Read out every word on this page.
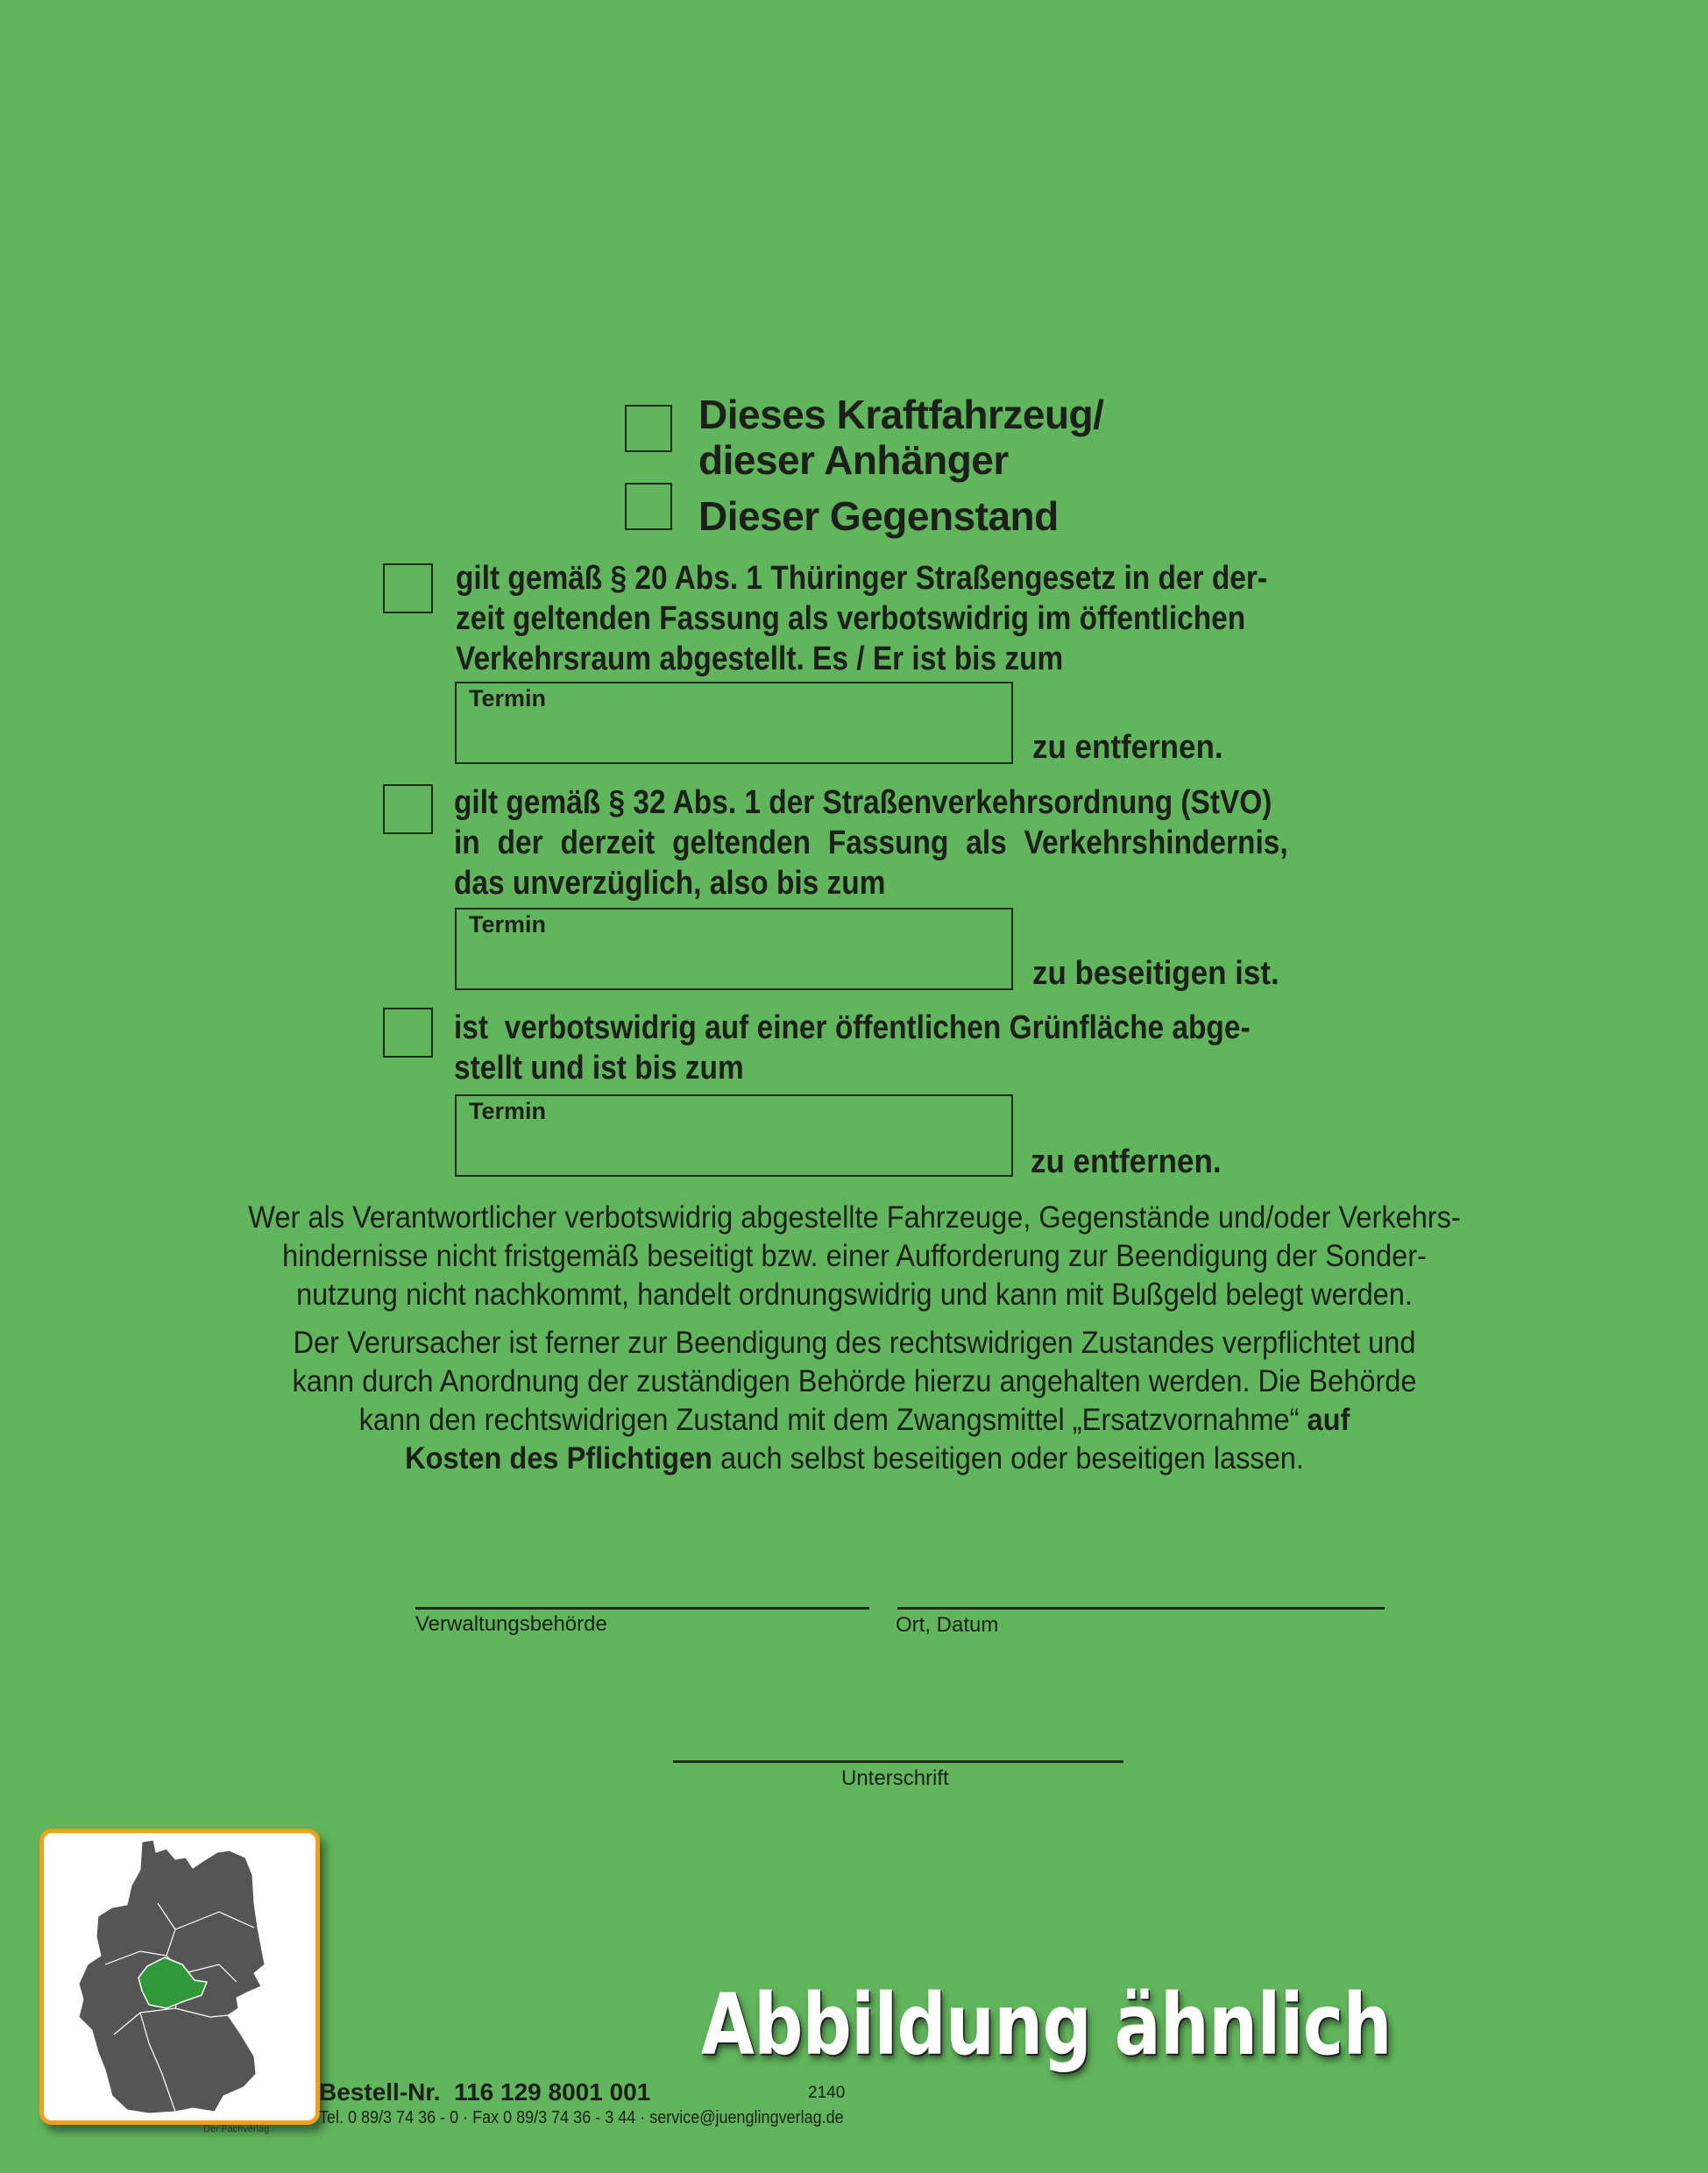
Dieses Kraftfahrzeug/
dieser Anhänger
Dieser Gegenstand
gilt gemäß § 20 Abs. 1 Thüringer Straßengesetz in der der-
zeit geltenden Fassung als verbotswidrig im öffentlichen
Verkehrsraum abgestellt. Es / Er ist bis zum
Termin
zu entfernen.
gilt gemäß § 32 Abs. 1 der Straßenverkehrsordnung (StVO)
in der derzeit geltenden Fassung als Verkehrshindernis,
das unverzüglich, also bis zum
Termin
zu beseitigen ist.
ist  verbotswidrig auf einer öffentlichen Grünfläche abge-
stellt und ist bis zum
Termin
zu entfernen.
Wer als Verantwortlicher verbotswidrig abgestellte Fahrzeuge, Gegenstände und/oder Verkehrs-
hindernisse nicht fristgemäß beseitigt bzw. einer Aufforderung zur Beendigung der Sonder-
nutzung nicht nachkommt, handelt ordnungswidrig und kann mit Bußgeld belegt werden.
Der Verursacher ist ferner zur Beendigung des rechtswidrigen Zustandes verpflichtet und
kann durch Anordnung der zuständigen Behörde hierzu angehalten werden. Die Behörde
kann den rechtswidrigen Zustand mit dem Zwangsmittel „Ersatzvornahme“ auf
Kosten des Pflichtigen auch selbst beseitigen oder beseitigen lassen.
Verwaltungsbehörde	Ort, Datum
Unterschrift
Der Fachverlag
Bestell-Nr. 116 129 8001 001	2140
Tel. 0 89/3 74 36 - 0 · Fax 0 89/3 74 36 - 3 44 · service@juenglingverlag.de
Abbildung ähnlich
